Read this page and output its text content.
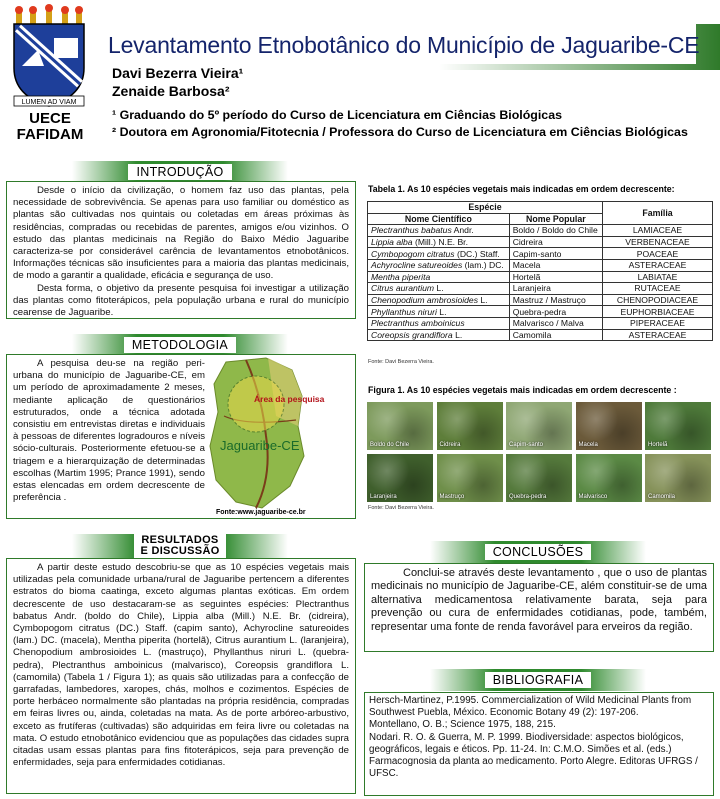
LUMEN AD VIAM
UECE
FAFIDAM
Levantamento Etnobotânico do Município de Jaguaribe-CE
Davi Bezerra Vieira¹
Zenaide Barbosa²
¹ Graduando do 5º período do Curso de Licenciatura em Ciências Biológicas
² Doutora em Agronomia/Fitotecnia / Professora do Curso de Licenciatura em Ciências Biológicas
INTRODUÇÃO

Desde o início da civilização, o homem faz uso das plantas, pela necessidade de sobrevivência. Se apenas para uso familiar ou doméstico as plantas são cultivadas nos quintais ou coletadas em áreas próximas às residências, compradas ou recebidas de parentes, amigos e/ou vizinhos. O estudo das plantas medicinais na Região do Baixo Médio Jaguaribe caracteriza-se por considerável carência de levantamentos etnobotânicos. Informações técnicas são insuficientes para a maioria das plantas medicinais, de modo a garantir a qualidade, eficácia e segurança de uso.

Desta forma, o objetivo da presente pesquisa foi investigar a utilização das plantas como fitoterápicos, pela população urbana e rural do município cearense de Jaguaribe.

METODOLOGIA

A pesquisa deu-se na região peri-urbana do município de Jaguaribe-CE, em um período de aproximadamente 2 meses, mediante aplicação de questionários estruturados, onde a técnica adotada consistiu em entrevistas diretas e individuais à pessoas de diferentes logradouros e níveis sócio-culturais. Posteriormente efetuou-se a triagem e a hierarquização de determinadas escolhas (Martim 1995; Prance 1991), sendo estas elencadas em ordem decrescente de preferência .

Área da pesquisa
Jaguaribe-CE
Fonte:www.jaguaribe-ce.br
RESULTADOS
E DISCUSSÃO

A partir deste estudo descobriu-se que as 10 espécies vegetais mais utilizadas pela comunidade urbana/rural de Jaguaribe pertencem a diferentes estratos do bioma caatinga, exceto algumas plantas exóticas. Em ordem decrescente de uso destacaram-se as seguintes espécies: Plectranthus babatus Andr. (boldo do Chile), Lippia alba (Mill.) N.E. Br. (cidreira), Cymbopogom citratus (DC.) Staff. (capim santo), Achyrocline satureoides (lam.) DC. (macela), Mentha piperita (hortelã), Citrus aurantium L. (laranjeira), Chenopodium ambrosioides L. (mastruço), Phyllanthus niruri L. (quebra-pedra), Plectranthus amboinicus (malvarisco), Coreopsis grandiflora L. (camomila) (Tabela 1 / Figura 1); as quais são utilizadas para a confecção de garrafadas, lambedores, xaropes, chás, molhos e cozimentos. Espécies de porte herbáceo normalmente são plantadas na própria residência, compradas em feiras livres ou, ainda, coletadas na mata. As de porte arbóreo-arbustivo, exceto as frutíferas (cultivadas) são adquiridas em feira livre ou coletadas na mata. O estudo etnobotânico evidenciou que as populações das cidades supra citadas usam essas plantas para fins fitoterápicos, seja para prevenção de enfermidades, seja para enfermidades cotidianas.

Tabela 1. As 10 espécies vegetais mais indicadas em ordem decrescente:
Espécie		Família
Nome Científico	Nome Popular	
Plectranthus babatus Andr.	Boldo / Boldo do Chile	LAMIACEAE
Lippia alba (Mill.) N.E. Br.	Cidreira	VERBENACEAE
Cymbopogom citratus (DC.) Staff.	Capim-santo	POACEAE
Achyrocline satureoides (lam.) DC.	Macela	ASTERACEAE
Mentha piperita	Hortelã	LABIATAE
Citrus aurantium L.	Laranjeira	RUTACEAE
Chenopodium ambrosioides L.	Mastruz / Mastruço	CHENOPODIACEAE
Phyllanthus niruri L.	Quebra-pedra	EUPHORBIACEAE
Plectranthus amboinicus	Malvarisco / Malva	PIPERACEAE
Coreopsis grandiflora L.	Camomila	ASTERACEAE
Fonte: Davi Bezerra Vieira.
Figura 1. As 10 espécies vegetais mais indicadas em ordem decrescente :
Boldo do Chile	Cidreira	Capim-santo	Macela	Hortelã
Laranjeira	Mastruço	Quebra-pedra	Malvarisco	Camomila
Fonte: Davi Bezerra Vieira.
CONCLUSÕES

Conclui-se através deste levantamento , que o uso de plantas medicinais no município de Jaguaribe-CE, além constituir-se de uma alternativa medicamentosa relativamente barata, seja para prevenção ou cura de enfermidades cotidianas, pode, também, representar uma fonte de renda favorável para erveiros da região.

BIBLIOGRAFIA
Hersch-Martinez, P.1995. Commercialization of Wild Medicinal Plants from Southwest Puebla, México. Economic Botany 49 (2): 197-206.
Montellano, O. B.; Science 1975, 188, 215.
Nodari. R. O. & Guerra, M. P. 1999. Biodiversidade: aspectos biológicos, geográficos, legais e éticos. Pp. 11-24. In: C.M.O. Simões et al. (eds.) Farmacognosia da planta ao medicamento. Porto Alegre. Editoras UFRGS / UFSC.
